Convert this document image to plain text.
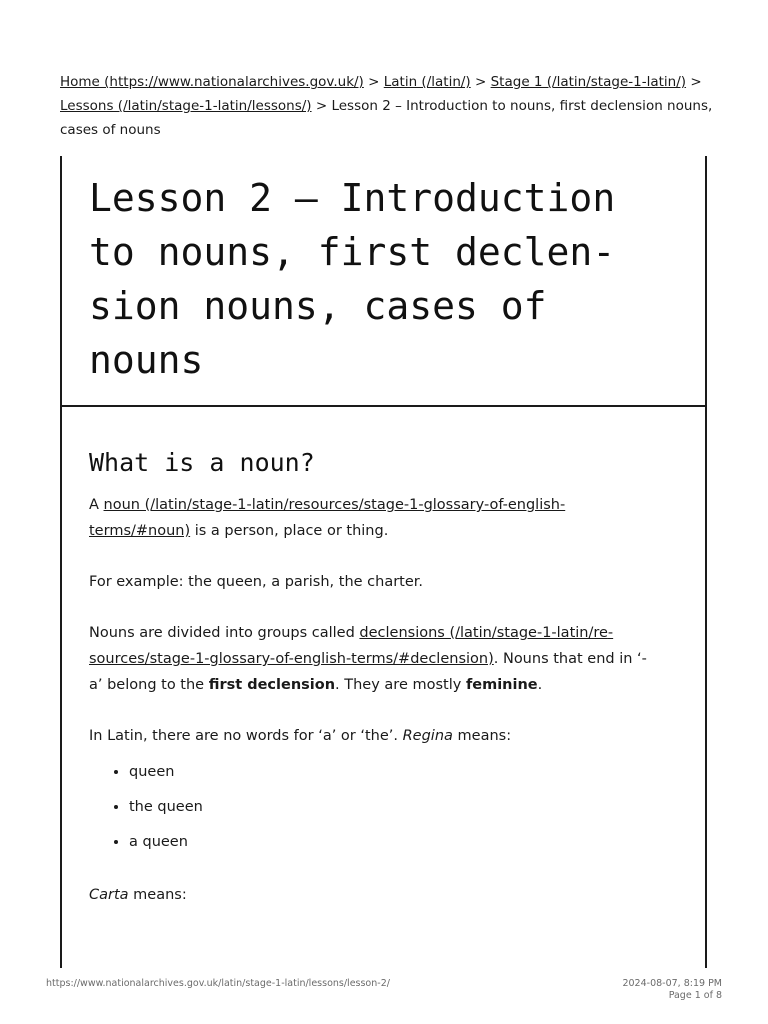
Home (https://www.nationalarchives.gov.uk/) > Latin (/latin/) > Stage 1 (/latin/stage-1-latin/) > Lessons (/latin/stage-1-latin/lessons/) > Lesson 2 – Introduction to nouns, first declension nouns, cases of nouns
Lesson 2 – Introduction to nouns, first declension nouns, cases of nouns
What is a noun?

A noun (/latin/stage-1-latin/resources/stage-1-glossary-of-english-terms/#noun) is a person, place or thing.

For example: the queen, a parish, the charter.

Nouns are divided into groups called declensions (/latin/stage-1-latin/resources/stage-1-glossary-of-english-terms/#declension). Nouns that end in ‘-a’ belong to the first declension. They are mostly feminine.

In Latin, there are no words for ‘a’ or ‘the’. Regina means:

• queen
• the queen
• a queen

Carta means:

https://www.nationalarchives.gov.uk/latin/stage-1-latin/lessons/lesson-2/	2024-08-07, 8:19 PM
Page 1 of 8
